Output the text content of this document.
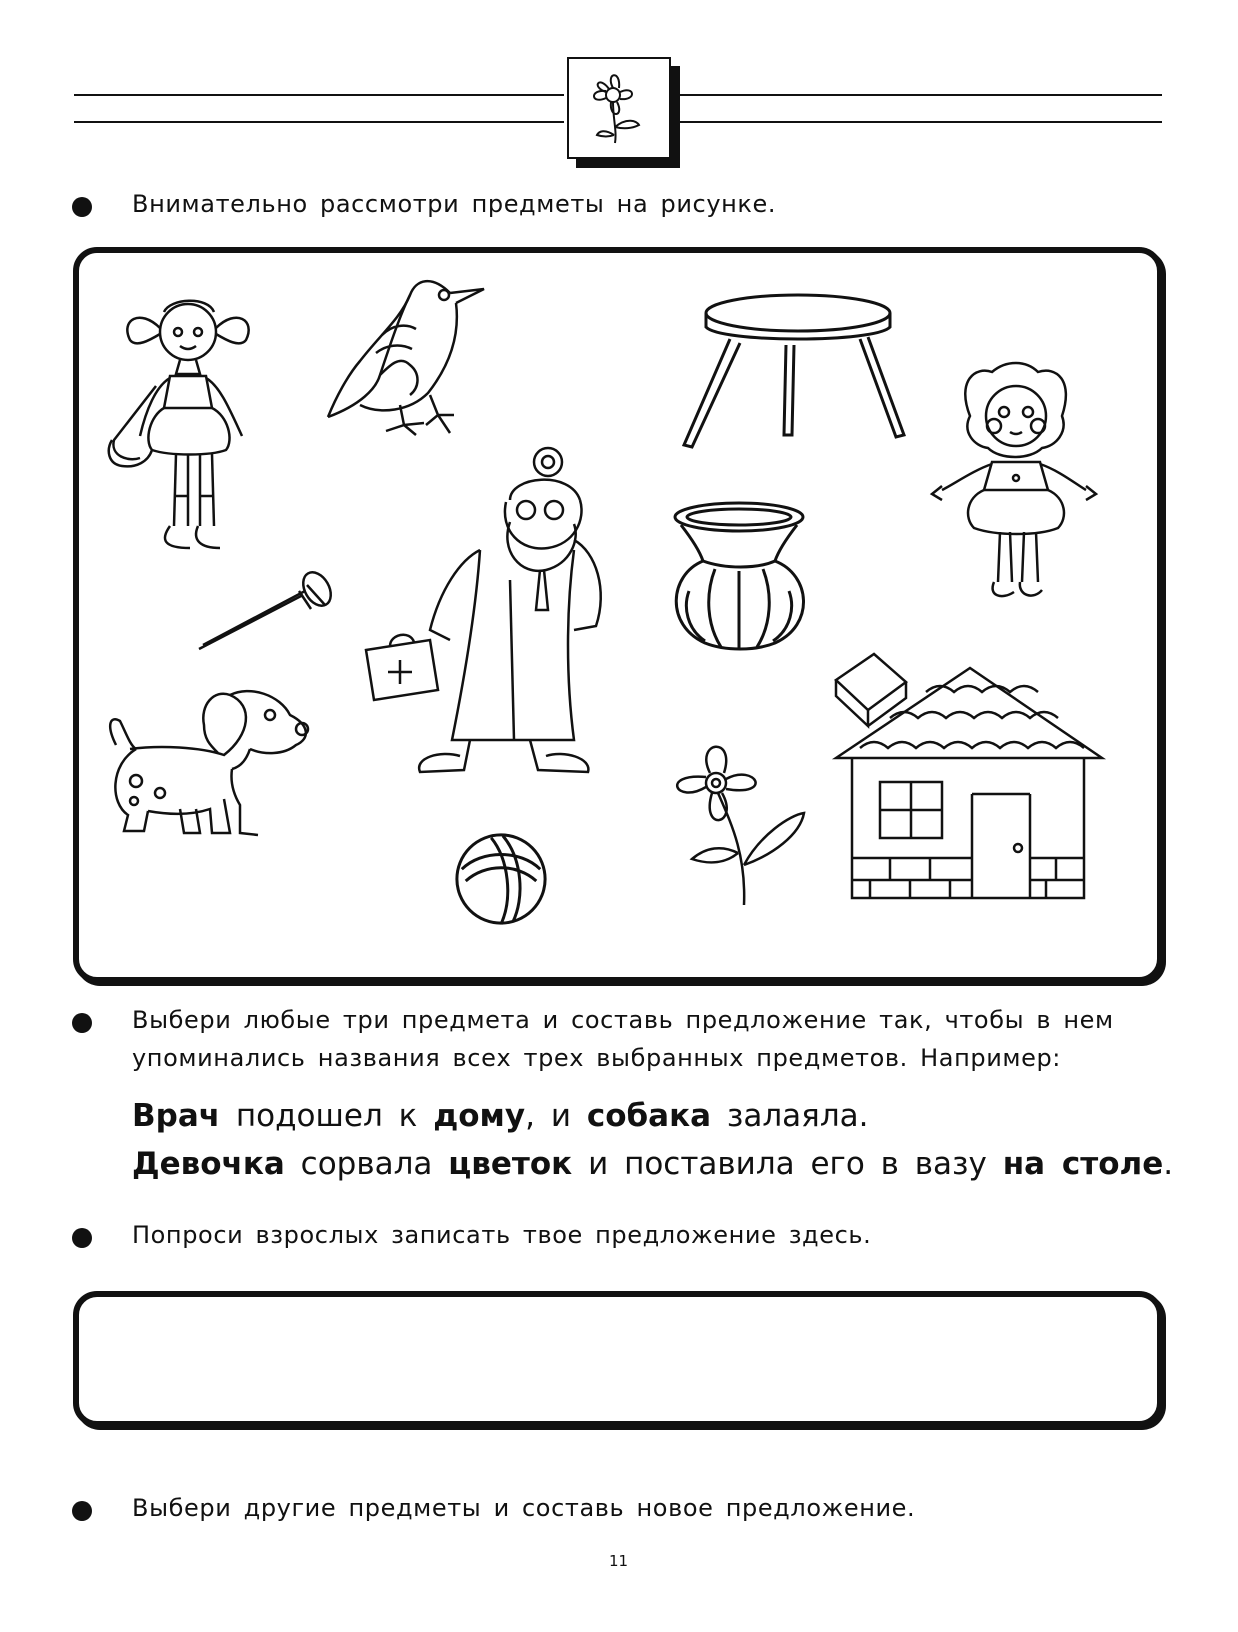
Внимательно рассмотри предметы на рисунке.
Выбери любые три предмета и составь предложение так, чтобы в нем
упоминались названия всех трех выбранных предметов. Например:
Врач подошел к дому, и собака залаяла.
Девочка сорвала цветок и поставила его в вазу на столе.
Попроси взрослых записать твое предложение здесь.
Выбери другие предметы и составь новое предложение.
11
